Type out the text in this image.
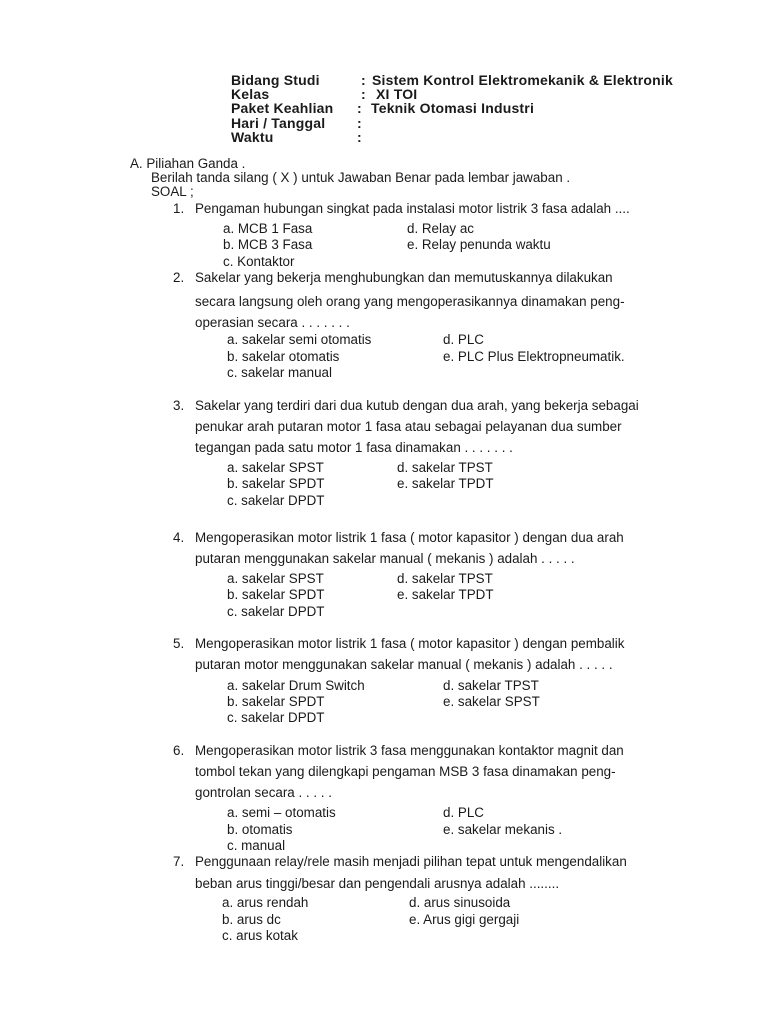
Bidang Studi	: Sistem Kontrol Elektromekanik & Elektronik
Kelas	: XI TOI
Paket Keahlian : Teknik Otomasi Industri
Hari / Tanggal :
Waktu	:
A. Piliahan Ganda .
Berilah tanda silang ( X ) untuk Jawaban Benar pada lembar jawaban .
SOAL ;
1. Pengaman hubungan singkat pada instalasi motor listrik 3 fasa adalah ....
a. MCB 1 Fasa	d. Relay ac
b. MCB 3 Fasa	e. Relay penunda waktu
c. Kontaktor
2. Sakelar yang bekerja menghubungkan dan memutuskannya dilakukan
secara langsung oleh orang yang mengoperasikannya dinamakan peng-
operasian secara . . . . . . .
a. sakelar semi otomatis	d. PLC
b. sakelar otomatis	e. PLC Plus Elektropneumatik.
c. sakelar manual
3. Sakelar yang terdiri dari dua kutub dengan dua arah, yang bekerja sebagai
penukar arah putaran motor 1 fasa atau sebagai pelayanan dua sumber
tegangan pada satu motor 1 fasa dinamakan . . . . . . .
a. sakelar SPST	d. sakelar TPST
b. sakelar SPDT	e. sakelar TPDT
c. sakelar DPDT
4. Mengoperasikan motor listrik 1 fasa ( motor kapasitor ) dengan dua arah
putaran menggunakan sakelar manual ( mekanis ) adalah . . . . .
a. sakelar SPST	d. sakelar TPST
b. sakelar SPDT	e. sakelar TPDT
c. sakelar DPDT
5. Mengoperasikan motor listrik 1 fasa ( motor kapasitor ) dengan pembalik
putaran motor menggunakan sakelar manual ( mekanis ) adalah . . . . .
a. sakelar Drum Switch	d. sakelar TPST
b. sakelar SPDT	e. sakelar SPST
c. sakelar DPDT
6. Mengoperasikan motor listrik 3 fasa menggunakan kontaktor magnit dan
tombol tekan yang dilengkapi pengaman MSB 3 fasa dinamakan peng-
gontrolan secara . . . . .
a. semi – otomatis	d. PLC
b. otomatis	e. sakelar mekanis .
c. manual
7. Penggunaan relay/rele masih menjadi pilihan tepat untuk mengendalikan
beban arus tinggi/besar dan pengendali arusnya adalah ........
a. arus rendah	d. arus sinusoida
b. arus dc	e. Arus gigi gergaji
c. arus kotak
